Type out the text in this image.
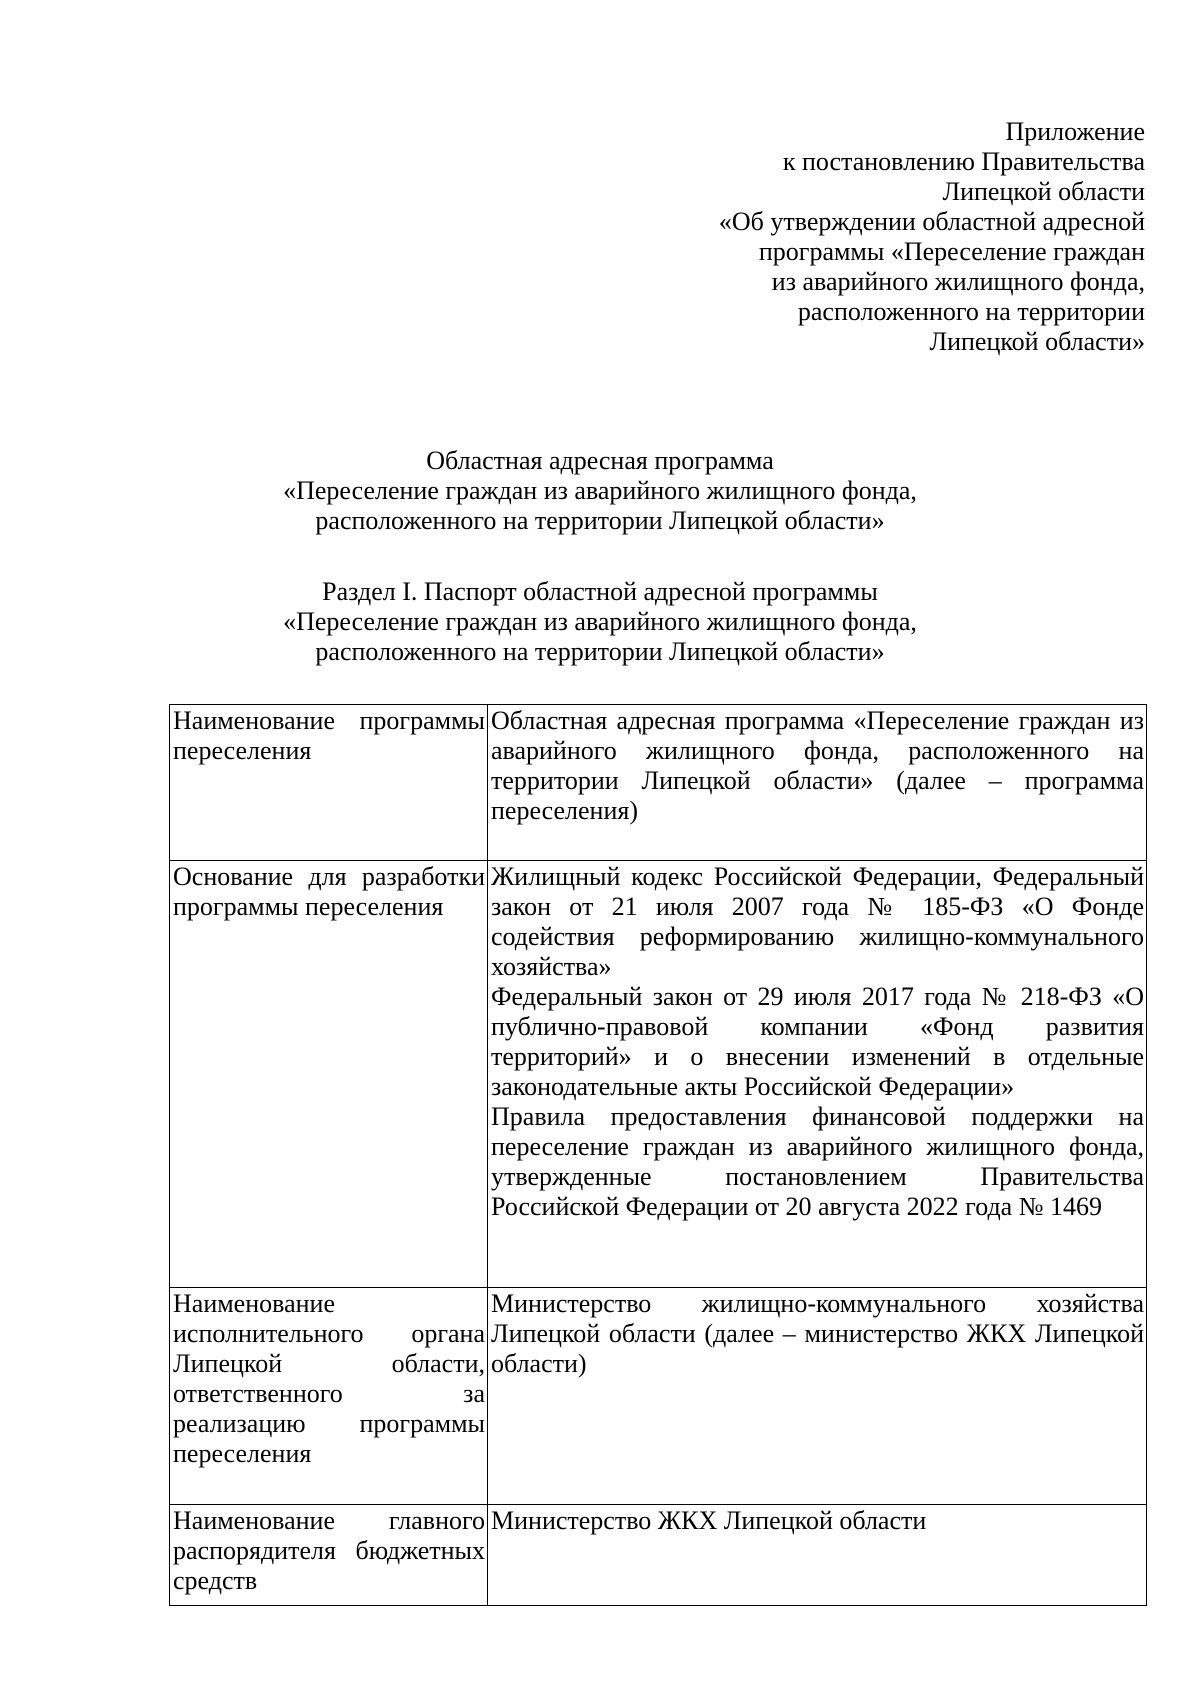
Приложение
к постановлению Правительства
Липецкой области
«Об утверждении областной адресной
программы «Переселение граждан
из аварийного жилищного фонда,
расположенного на территории
Липецкой области»
Областная адресная программа
«Переселение граждан из аварийного жилищного фонда,
расположенного на территории Липецкой области»
Раздел I. Паспорт областной адресной программы
«Переселение граждан из аварийного жилищного фонда,
расположенного на территории Липецкой области»
Наименование программы переселения	Областная адресная программа «Переселение граждан из аварийного жилищного фонда, расположенного на территории Липецкой области» (далее – программа переселения)

Основание для разработки программы переселения	Жилищный кодекс Российской Федерации, Федеральный закон от 21 июля 2007 года № 185-ФЗ «О Фонде содействия реформированию жилищно-коммунального хозяйства»
Федеральный закон от 29 июля 2017 года № 218-ФЗ «О публично-правовой компании «Фонд развития территорий» и о внесении изменений в отдельные законодательные акты Российской Федерации»
Правила предоставления финансовой поддержки на переселение граждан из аварийного жилищного фонда, утвержденные постановлением Правительства Российской Федерации от 20 августа 2022 года № 1469

Наименование исполнительного органа Липецкой области, ответственного за реализацию программы переселения	Министерство жилищно-коммунального хозяйства Липецкой области (далее – министерство ЖКХ Липецкой области)

Наименование главного распорядителя бюджетных средств	Министерство ЖКХ Липецкой области
